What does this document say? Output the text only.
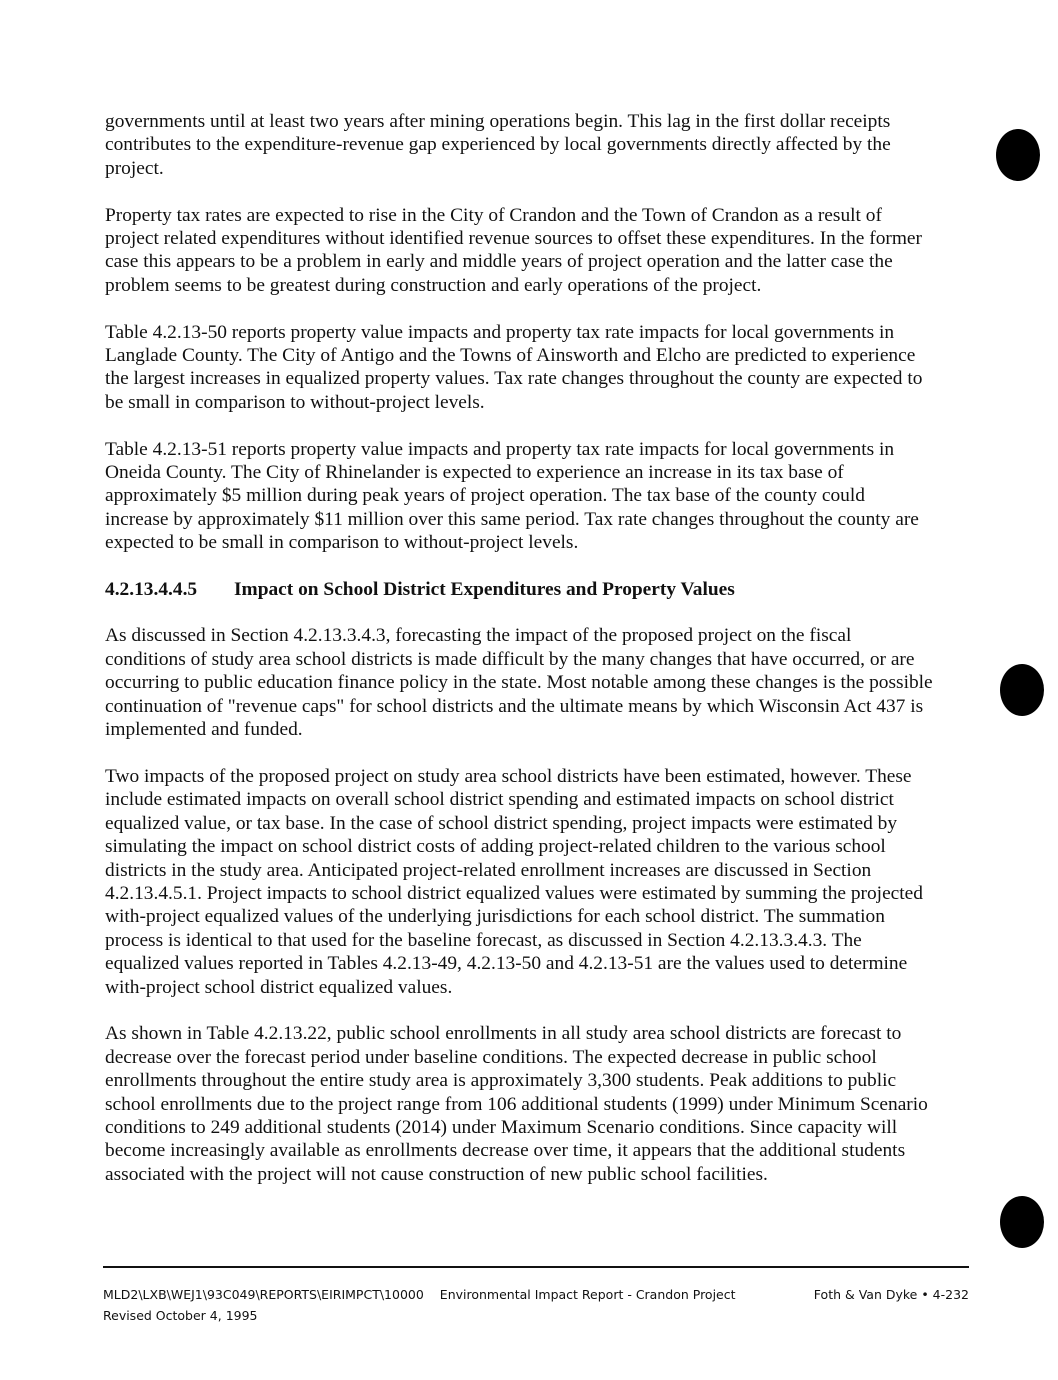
governments until at least two years after mining operations begin. This lag in the first dollar receipts contributes to the expenditure-revenue gap experienced by local governments directly affected by the project.

Property tax rates are expected to rise in the City of Crandon and the Town of Crandon as a result of project related expenditures without identified revenue sources to offset these expenditures. In the former case this appears to be a problem in early and middle years of project operation and the latter case the problem seems to be greatest during construction and early operations of the project.

Table 4.2.13-50 reports property value impacts and property tax rate impacts for local governments in Langlade County. The City of Antigo and the Towns of Ainsworth and Elcho are predicted to experience the largest increases in equalized property values. Tax rate changes throughout the county are expected to be small in comparison to without-project levels.

Table 4.2.13-51 reports property value impacts and property tax rate impacts for local governments in Oneida County. The City of Rhinelander is expected to experience an increase in its tax base of approximately $5 million during peak years of project operation. The tax base of the county could increase by approximately $11 million over this same period. Tax rate changes throughout the county are expected to be small in comparison to without-project levels.

4.2.13.4.4.5	Impact on School District Expenditures and Property Values

As discussed in Section 4.2.13.3.4.3, forecasting the impact of the proposed project on the fiscal conditions of study area school districts is made difficult by the many changes that have occurred, or are occurring to public education finance policy in the state. Most notable among these changes is the possible continuation of "revenue caps" for school districts and the ultimate means by which Wisconsin Act 437 is implemented and funded.

Two impacts of the proposed project on study area school districts have been estimated, however. These include estimated impacts on overall school district spending and estimated impacts on school district equalized value, or tax base. In the case of school district spending, project impacts were estimated by simulating the impact on school district costs of adding project-related children to the various school districts in the study area. Anticipated project-related enrollment increases are discussed in Section 4.2.13.4.5.1. Project impacts to school district equalized values were estimated by summing the projected with-project equalized values of the underlying jurisdictions for each school district. The summation process is identical to that used for the baseline forecast, as discussed in Section 4.2.13.3.4.3. The equalized values reported in Tables 4.2.13-49, 4.2.13-50 and 4.2.13-51 are the values used to determine with-project school district equalized values.

As shown in Table 4.2.13.22, public school enrollments in all study area school districts are forecast to decrease over the forecast period under baseline conditions. The expected decrease in public school enrollments throughout the entire study area is approximately 3,300 students. Peak additions to public school enrollments due to the project range from 106 additional students (1999) under Minimum Scenario conditions to 249 additional students (2014) under Maximum Scenario conditions. Since capacity will become increasingly available as enrollments decrease over time, it appears that the additional students associated with the project will not cause construction of new public school facilities.

MLD2\LXB\WEJ1\93C049\REPORTS\EIRIMPCT\10000 Environmental Impact Report - Crandon Project	Foth & Van Dyke • 4-232
Revised October 4, 1995
